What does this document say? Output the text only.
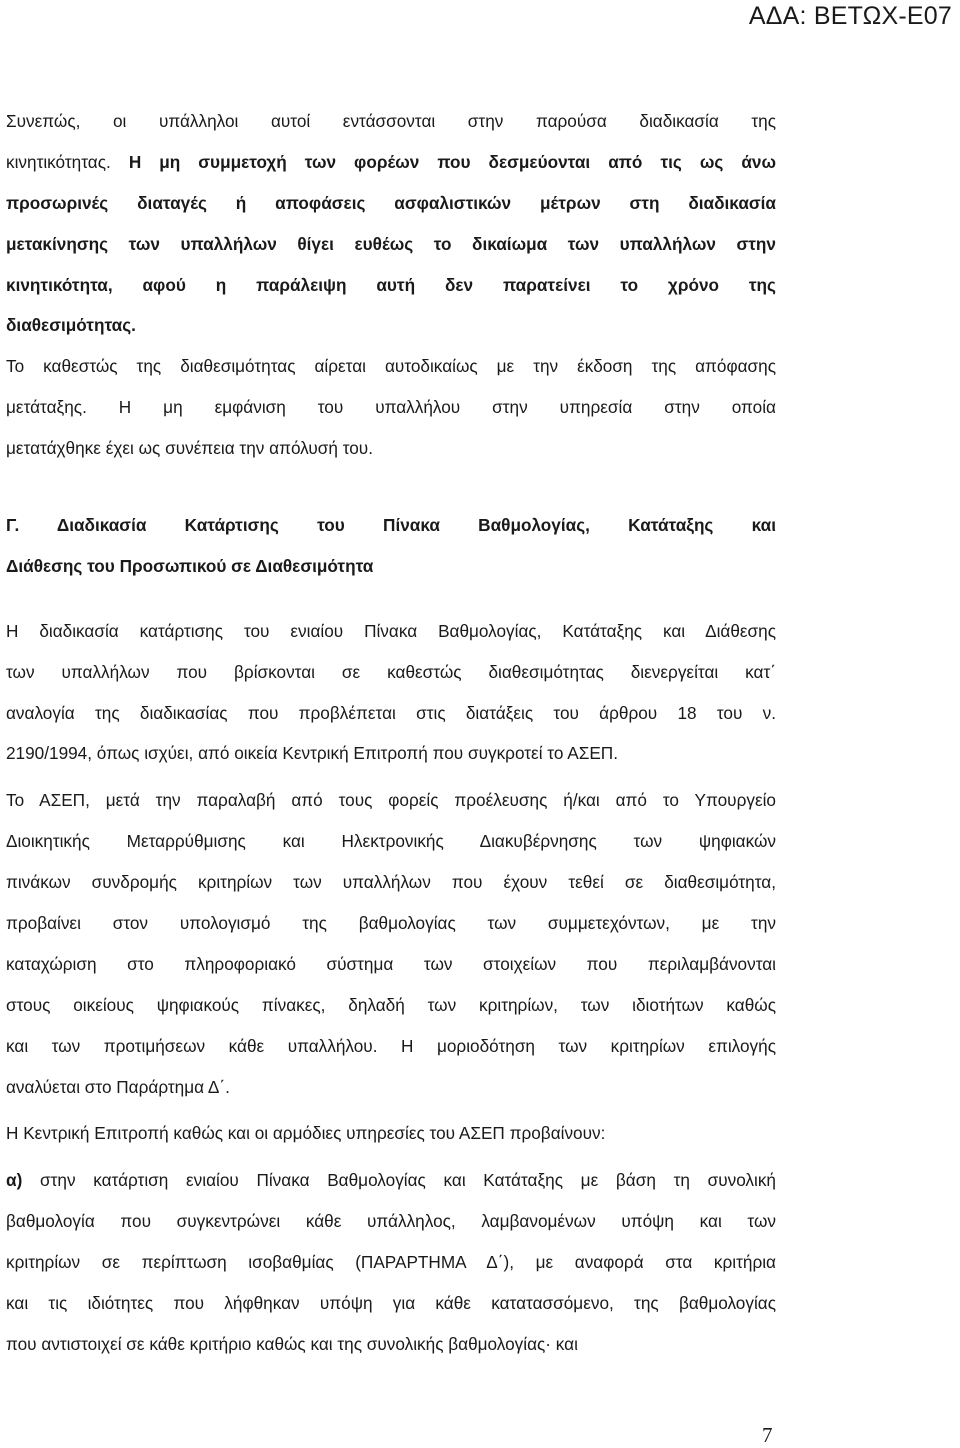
ΑΔΑ: ΒΕΤΩΧ-Ε07
Συνεπώς, οι υπάλληλοι αυτοί εντάσσονται στην παρούσα διαδικασία της
κινητικότητας. Η μη συμμετοχή των φορέων που δεσμεύονται από τις ως άνω
προσωρινές διαταγές ή αποφάσεις ασφαλιστικών μέτρων στη διαδικασία
μετακίνησης των υπαλλήλων θίγει ευθέως το δικαίωμα των υπαλλήλων στην
κινητικότητα, αφού η παράλειψη αυτή δεν παρατείνει το χρόνο της
διαθεσιμότητας.
Το καθεστώς της διαθεσιμότητας αίρεται αυτοδικαίως με την έκδοση της απόφασης
μετάταξης. Η μη εμφάνιση του υπαλλήλου στην υπηρεσία στην οποία
μετατάχθηκε έχει ως συνέπεια την απόλυσή του.
Γ. Διαδικασία Κατάρτισης του Πίνακα Βαθμολογίας, Κατάταξης και
Διάθεσης του Προσωπικού σε Διαθεσιμότητα
Η διαδικασία κατάρτισης του ενιαίου Πίνακα Βαθμολογίας, Κατάταξης και Διάθεσης
των υπαλλήλων που βρίσκονται σε καθεστώς διαθεσιμότητας διενεργείται κατ΄
αναλογία της διαδικασίας που προβλέπεται στις διατάξεις του άρθρου 18 του ν.
2190/1994, όπως ισχύει, από οικεία Κεντρική Επιτροπή που συγκροτεί το ΑΣΕΠ.
Το ΑΣΕΠ, μετά την παραλαβή από τους φορείς προέλευσης ή/και από το Υπουργείο
Διοικητικής Μεταρρύθμισης και Ηλεκτρονικής Διακυβέρνησης των ψηφιακών
πινάκων συνδρομής κριτηρίων των υπαλλήλων που έχουν τεθεί σε διαθεσιμότητα,
προβαίνει στον υπολογισμό της βαθμολογίας των συμμετεχόντων, με την
καταχώριση στο πληροφοριακό σύστημα των στοιχείων που περιλαμβάνονται
στους οικείους ψηφιακούς πίνακες, δηλαδή των κριτηρίων, των ιδιοτήτων καθώς
και των προτιμήσεων κάθε υπαλλήλου. Η μοριοδότηση των κριτηρίων επιλογής
αναλύεται στο Παράρτημα Δ΄.
Η Κεντρική Επιτροπή καθώς και οι αρμόδιες υπηρεσίες του ΑΣΕΠ προβαίνουν:
α) στην κατάρτιση ενιαίου Πίνακα Βαθμολογίας και Κατάταξης με βάση τη συνολική
βαθμολογία που συγκεντρώνει κάθε υπάλληλος, λαμβανομένων υπόψη και των
κριτηρίων σε περίπτωση ισοβαθμίας (ΠΑΡΑΡΤΗΜΑ Δ΄), με αναφορά στα κριτήρια
και τις ιδιότητες που λήφθηκαν υπόψη για κάθε κατατασσόμενο, της βαθμολογίας
που αντιστοιχεί σε κάθε κριτήριο καθώς και της συνολικής βαθμολογίας· και
7
